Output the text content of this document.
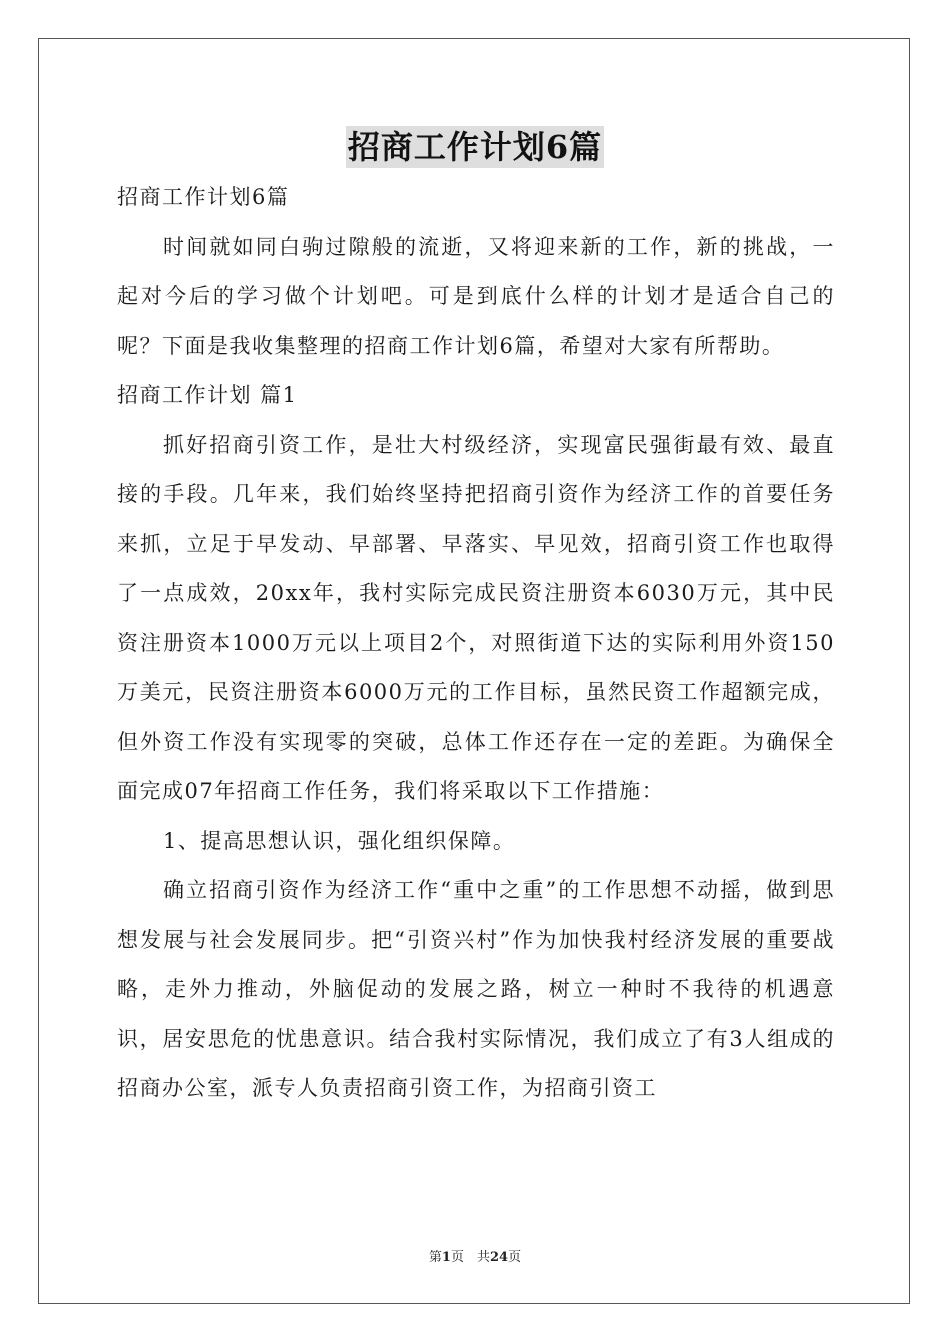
招商工作计划6篇

招商工作计划6篇

时间就如同白驹过隙般的流逝，又将迎来新的工作，新的挑战，一起对今后的学习做个计划吧。可是到底什么样的计划才是适合自己的呢？下面是我收集整理的招商工作计划6篇，希望对大家有所帮助。

招商工作计划 篇1

抓好招商引资工作，是壮大村级经济，实现富民强街最有效、最直接的手段。几年来，我们始终坚持把招商引资作为经济工作的首要任务来抓，立足于早发动、早部署、早落实、早见效，招商引资工作也取得了一点成效，20xx年，我村实际完成民资注册资本6030万元，其中民资注册资本1000万元以上项目2个，对照街道下达的实际利用外资150万美元，民资注册资本6000万元的工作目标，虽然民资工作超额完成，但外资工作没有实现零的突破，总体工作还存在一定的差距。为确保全面完成07年招商工作任务，我们将采取以下工作措施：

1、提高思想认识，强化组织保障。

确立招商引资作为经济工作“重中之重”的工作思想不动摇，做到思想发展与社会发展同步。把“引资兴村”作为加快我村经济发展的重要战略，走外力推动，外脑促动的发展之路，树立一种时不我待的机遇意识，居安思危的忧患意识。结合我村实际情况，我们成立了有3人组成的招商办公室，派专人负责招商引资工作，为招商引资工

第1页　共24页
